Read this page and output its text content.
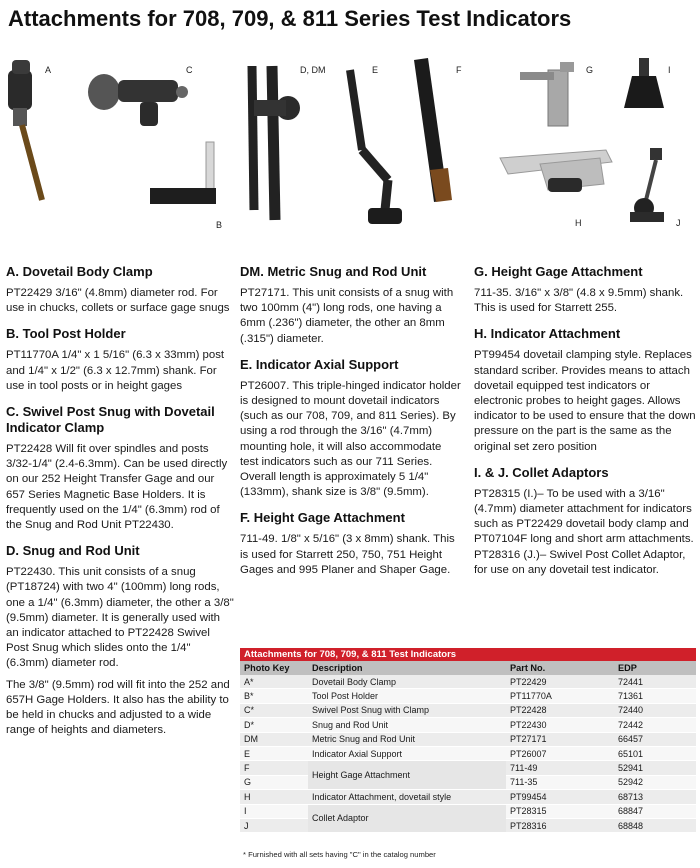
Attachments for 708, 709, & 811 Series Test Indicators
A	C
B
D, DM	E	F	G	I
H	J
A. Dovetail Body Clamp

PT22429 3/16" (4.8mm) diameter rod. For use in chucks, collets or surface gage snugs

B. Tool Post Holder

PT11770A 1/4" x 1 5/16" (6.3 x 33mm) post and 1/4" x 1/2" (6.3 x 12.7mm) shank. For use in tool posts or in height gages

C. Swivel Post Snug with Dovetail Indicator Clamp

PT22428 Will fit over spindles and posts 3/32-1/4" (2.4-6.3mm). Can be used directly on our 252 Height Transfer Gage and our 657 Series Magnetic Base Holders. It is frequently used on the 1/4" (6.3mm) rod of the Snug and Rod Unit PT22430.

D. Snug and Rod Unit

PT22430. This unit consists of a snug (PT18724) with two 4" (100mm) long rods, one a 1/4" (6.3mm) diameter, the other a 3/8" (9.5mm) diameter. It is generally used with an indicator attached to PT22428 Swivel Post Snug which slides onto the 1/4" (6.3mm) diameter rod.

The 3/8" (9.5mm) rod will fit into the 252 and 657H Gage Holders. It also has the ability to be held in chucks and adjusted to a wide range of heights and diameters.

DM. Metric Snug and Rod Unit

PT27171. This unit consists of a snug with two 100mm (4") long rods, one having a 6mm (.236") diameter, the other an 8mm (.315") diameter.

E. Indicator Axial Support

PT26007. This triple-hinged indicator holder is designed to mount dovetail indicators (such as our 708, 709, and 811 Series). By using a rod through the 3/16" (4.7mm) mounting hole, it will also accommodate test indicators such as our 711 Series. Overall length is approximately 5 1/4" (133mm), shank size is 3/8" (9.5mm).

F. Height Gage Attachment

711-49. 1/8" x 5/16" (3 x 8mm) shank. This is used for Starrett 250, 750, 751 Height Gages and 995 Planer and Shaper Gage.

G. Height Gage Attachment

711-35. 3/16" x 3/8" (4.8 x 9.5mm) shank. This is used for Starrett 255.

H. Indicator Attachment

PT99454 dovetail clamping style. Replaces standard scriber. Provides means to attach dovetail equipped test indicators or electronic probes to height gages. Allows indicator to be used to ensure that the down pressure on the part is the same as the original set zero position

I. & J. Collet Adaptors

PT28315 (I.)– To be used with a 3/16" (4.7mm) diameter attachment for indicators such as PT22429 dovetail body clamp and PT07104F long and short arm attachments. PT28316 (J.)– Swivel Post Collet Adaptor, for use on any dovetail test indicator.

Attachments for 708, 709, & 811 Test Indicators
Photo Key	Description	Part No.	EDP
A*	Dovetail Body Clamp	PT22429	72441
B*	Tool Post Holder	PT11770A	71361
C*	Swivel Post Snug with Clamp	PT22428	72440
D*	Snug and Rod Unit	PT22430	72442
DM	Metric Snug and Rod Unit	PT27171	66457
E	Indicator Axial Support	PT26007	65101
F	Height Gage Attachment	711-49	52941
G		711-35	52942
H	Indicator Attachment, dovetail style	PT99454	68713
I	Collet Adaptor	PT28315	68847
J		PT28316	68848
* Furnished with all sets having "C" in the catalog number
